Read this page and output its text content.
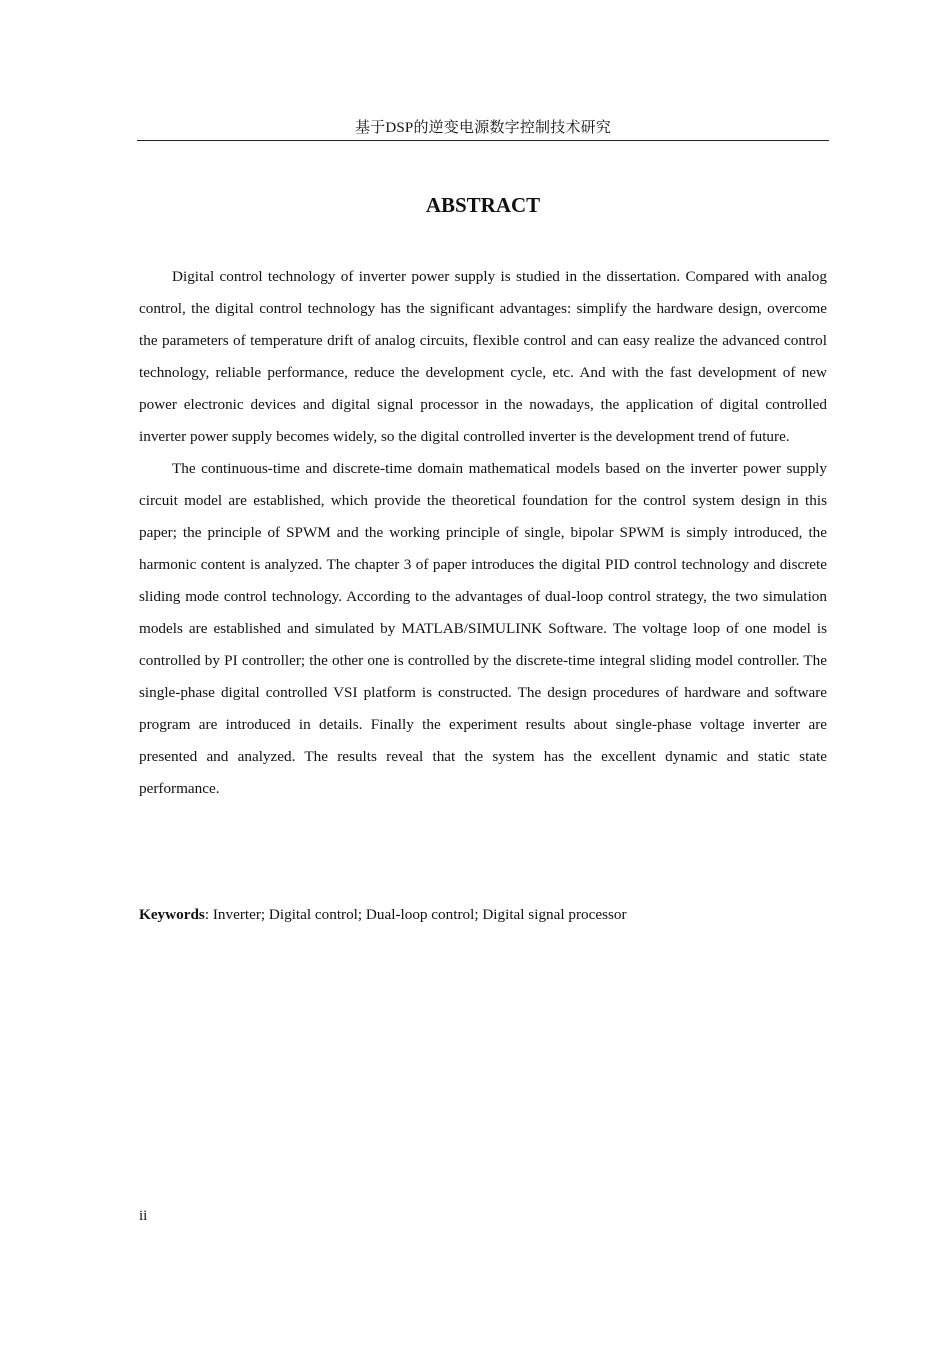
基于DSP的逆变电源数字控制技术研究
ABSTRACT

Digital control technology of inverter power supply is studied in the dissertation. Compared with analog control, the digital control technology has the significant advantages: simplify the hardware design, overcome the parameters of temperature drift of analog circuits, flexible control and can easy realize the advanced control technology, reliable performance, reduce the development cycle, etc. And with the fast development of new power electronic devices and digital signal processor in the nowadays, the application of digital controlled inverter power supply becomes widely, so the digital controlled inverter is the development trend of future.

The continuous-time and discrete-time domain mathematical models based on the inverter power supply circuit model are established, which provide the theoretical foundation for the control system design in this paper; the principle of SPWM and the working principle of single, bipolar SPWM is simply introduced, the harmonic content is analyzed. The chapter 3 of paper introduces the digital PID control technology and discrete sliding mode control technology. According to the advantages of dual-loop control strategy, the two simulation models are established and simulated by MATLAB/SIMULINK Software. The voltage loop of one model is controlled by PI controller; the other one is controlled by the discrete-time integral sliding model controller. The single-phase digital controlled VSI platform is constructed. The design procedures of hardware and software program are introduced in details. Finally the experiment results about single-phase voltage inverter are presented and analyzed. The results reveal that the system has the excellent dynamic and static state performance.

Keywords: Inverter; Digital control; Dual-loop control; Digital signal processor

ii
